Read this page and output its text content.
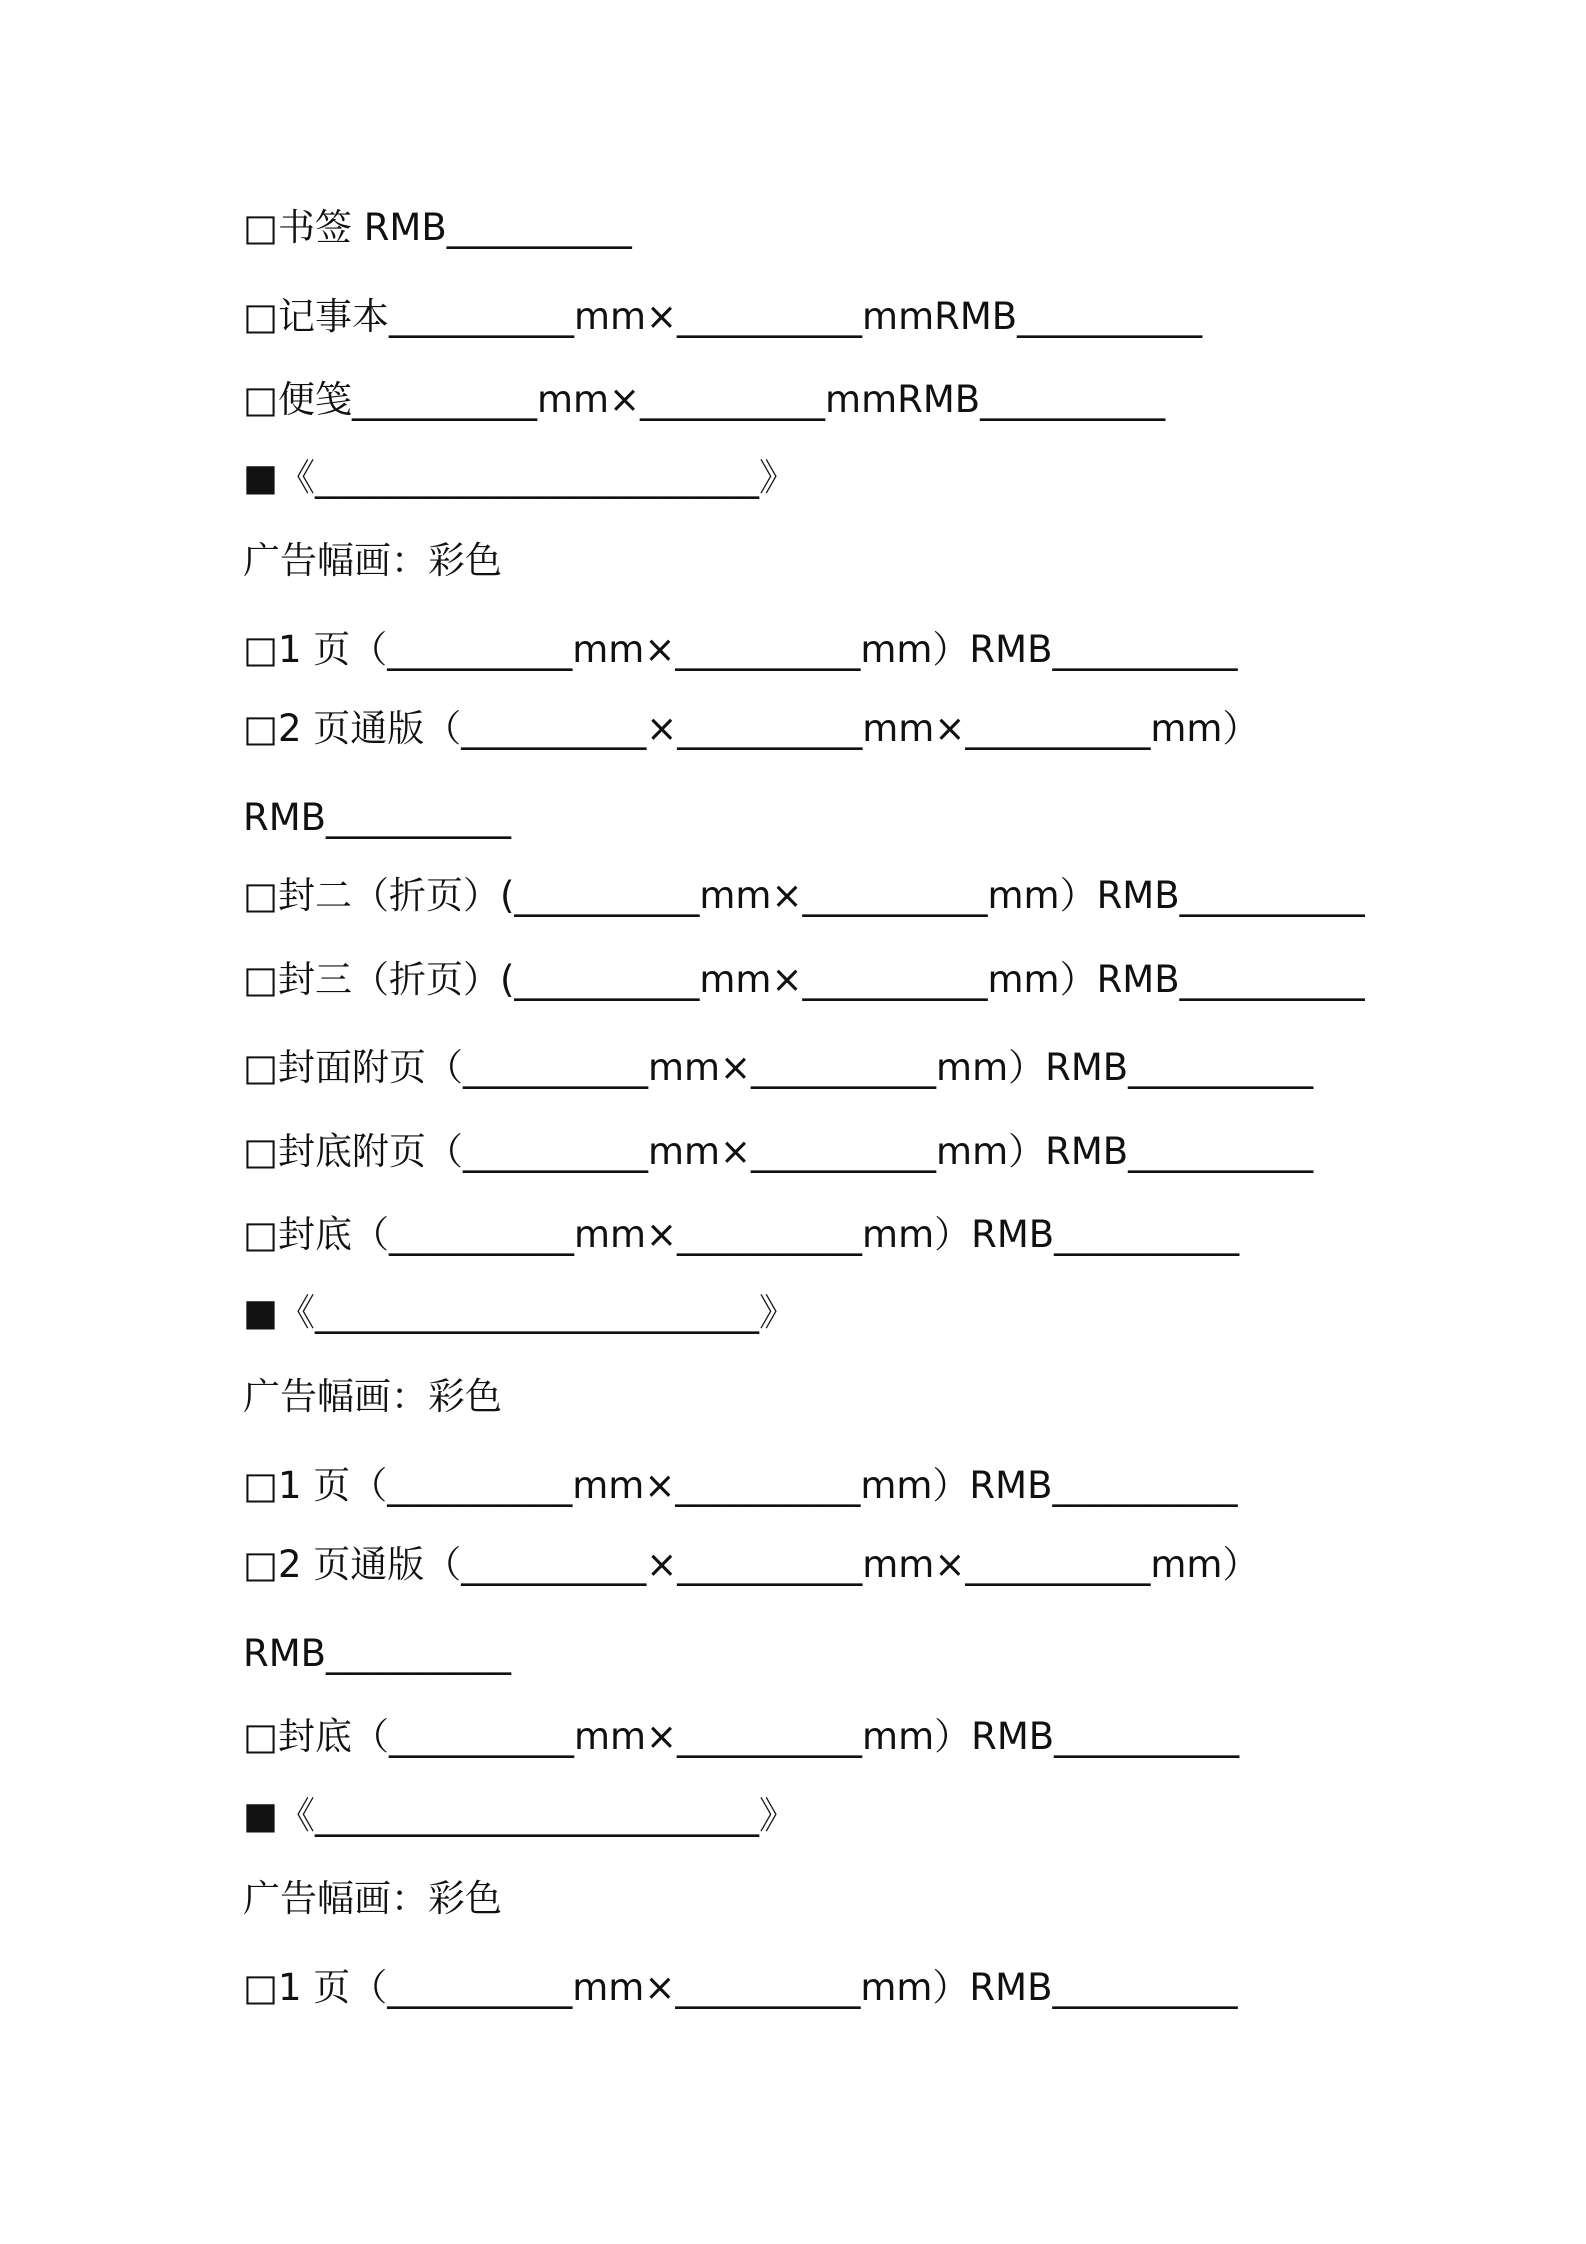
□书签 RMB__________
□记事本__________mm×__________mmRMB__________
□便笺__________mm×__________mmRMB__________
■《________________________》
广告幅画：彩色
□1 页（__________mm×__________mm）RMB__________
□2 页通版（__________×__________mm×__________mm）
RMB__________
□封二（折页）(__________mm×__________mm）RMB__________
□封三（折页）(__________mm×__________mm）RMB__________
□封面附页（__________mm×__________mm）RMB__________
□封底附页（__________mm×__________mm）RMB__________
□封底（__________mm×__________mm）RMB__________
■《________________________》
广告幅画：彩色
□1 页（__________mm×__________mm）RMB__________
□2 页通版（__________×__________mm×__________mm）
RMB__________
□封底（__________mm×__________mm）RMB__________
■《________________________》
广告幅画：彩色
□1 页（__________mm×__________mm）RMB__________
